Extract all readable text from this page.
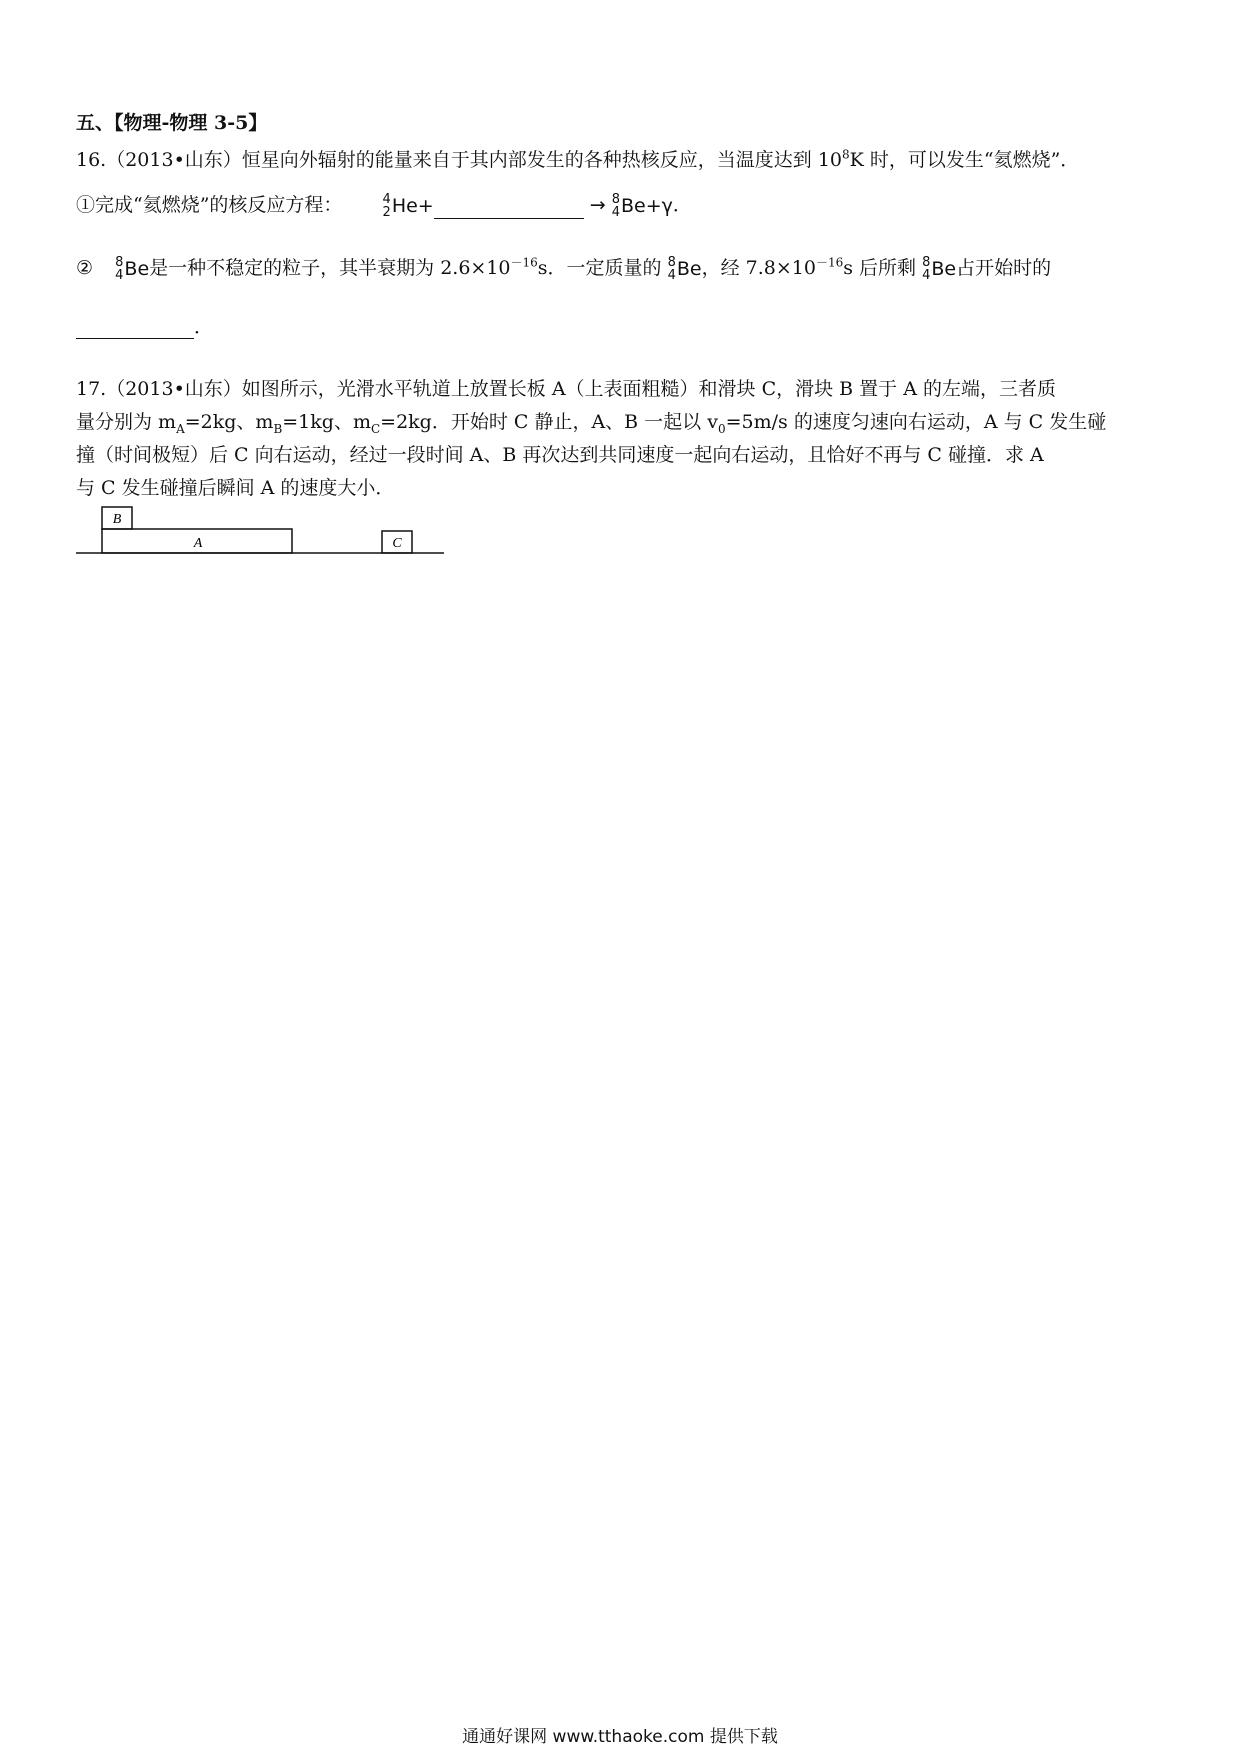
五、【物理-物理 3-5】
16.（2013•山东）恒星向外辐射的能量来自于其内部发生的各种热核反应，当温度达到 $10^8K$ 时，可以发生“氦燃烧”．
①完成“氦燃烧”的核反应方程：	4
2 He+	→ 8
4 Be+γ．
② 8
4 Be是一种不稳定的粒子，其半衰期为 $2.6\times 10^{-16}s$．一定质量的 8
4 Be，经 $7.8\times 10^{-16}s$ 后所剩 8
4 Be占开始时的
．
17.（2013•山东）如图所示，光滑水平轨道上放置长板 A（上表面粗糙）和滑块 C，滑块 B 置于 A 的左端，三者质
量分别为 $m_A=2kg$、$m_B=1kg$、$m_C=2kg$．开始时 C 静止，A、B 一起以 $v_0=5m/s$ 的速度匀速向右运动，A 与 C 发生碰
撞（时间极短）后 C 向右运动，经过一段时间 A、B 再次达到共同速度一起向右运动，且恰好不再与 C 碰撞．求 A
与 C 发生碰撞后瞬间 A 的速度大小．
B
A	C
通通好课网 www.tthaoke.com 提供下载
